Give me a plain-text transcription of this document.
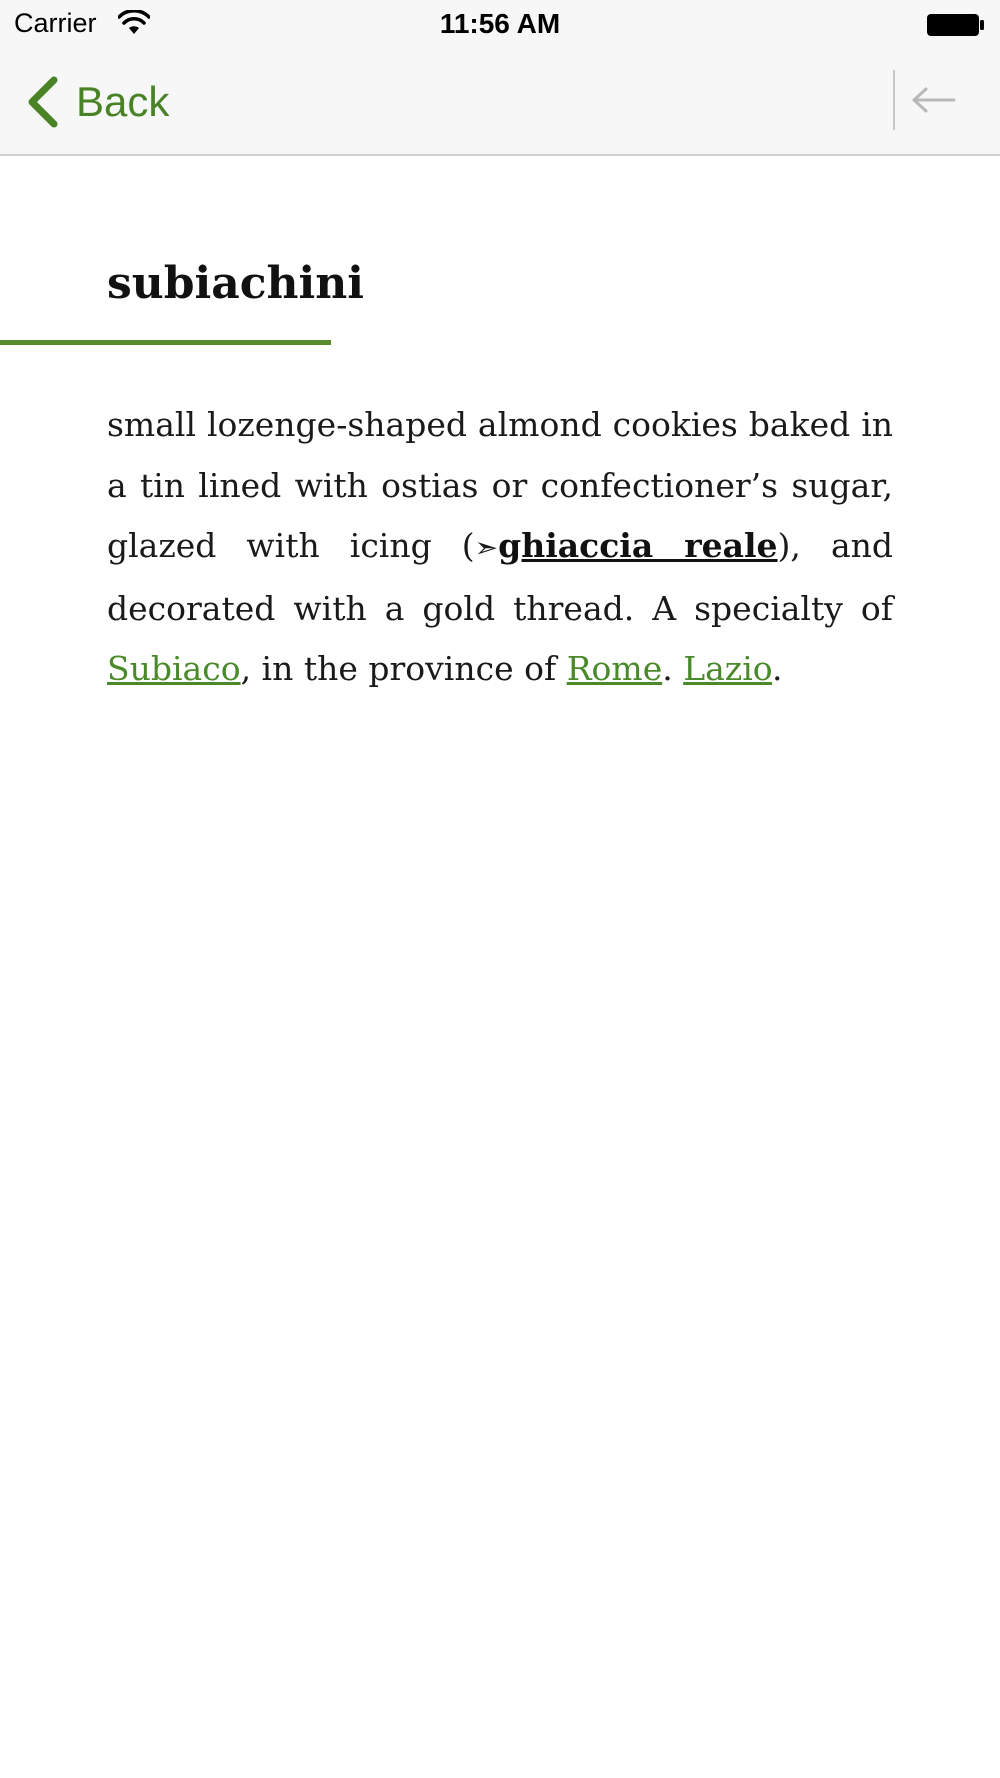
Carrier	11:56 AM
Back
subiachini

small lozenge-shaped almond cookies baked in a tin lined with ostias or confectioner’s sugar, glazed with icing (➣ghiaccia reale), and decorated with a gold thread. A specialty of Subiaco, in the province of Rome. Lazio.
